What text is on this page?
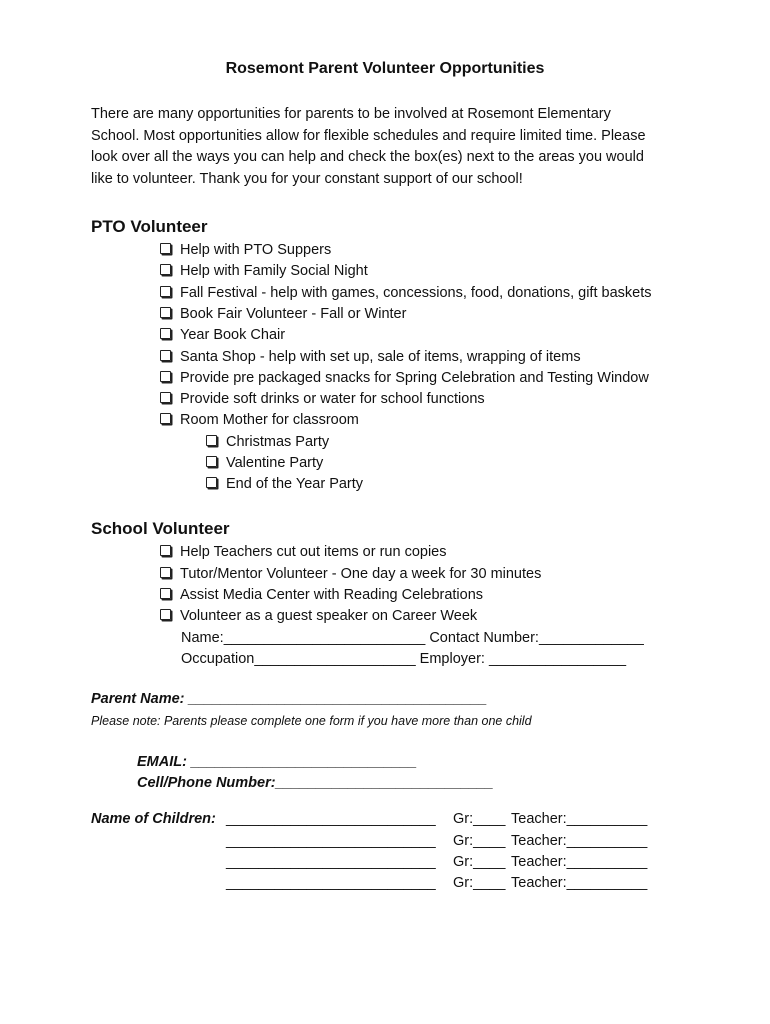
Rosemont Parent Volunteer Opportunities
There are many opportunities for parents to be involved at Rosemont Elementary
School. Most opportunities allow for flexible schedules and require limited time. Please
look over all the ways you can help and check the box(es) next to the areas you would
like to volunteer. Thank you for your constant support of our school!
PTO Volunteer
Help with PTO Suppers
Help with Family Social Night
Fall Festival - help with games, concessions, food, donations, gift baskets
Book Fair Volunteer - Fall or Winter
Year Book Chair
Santa Shop - help with set up, sale of items, wrapping of items
Provide pre packaged snacks for Spring Celebration and Testing Window
Provide soft drinks or water for school functions
Room Mother for classroom
Christmas Party
Valentine Party
End of the Year Party
School Volunteer
Help Teachers cut out items or run copies
Tutor/Mentor Volunteer - One day a week for 30 minutes
Assist Media Center with Reading Celebrations
Volunteer as a guest speaker on Career Week
Name:_________________________ Contact Number:_____________
Occupation____________________ Employer: _________________
Parent Name: _____________________________________
Please note: Parents please complete one form if you have more than one child
EMAIL: ____________________________
Cell/Phone Number:___________________________
Name of Children: __________________________ Gr:____ Teacher:__________
__________________________ Gr:____ Teacher:__________
__________________________ Gr:____ Teacher:__________
__________________________ Gr:____ Teacher:__________
